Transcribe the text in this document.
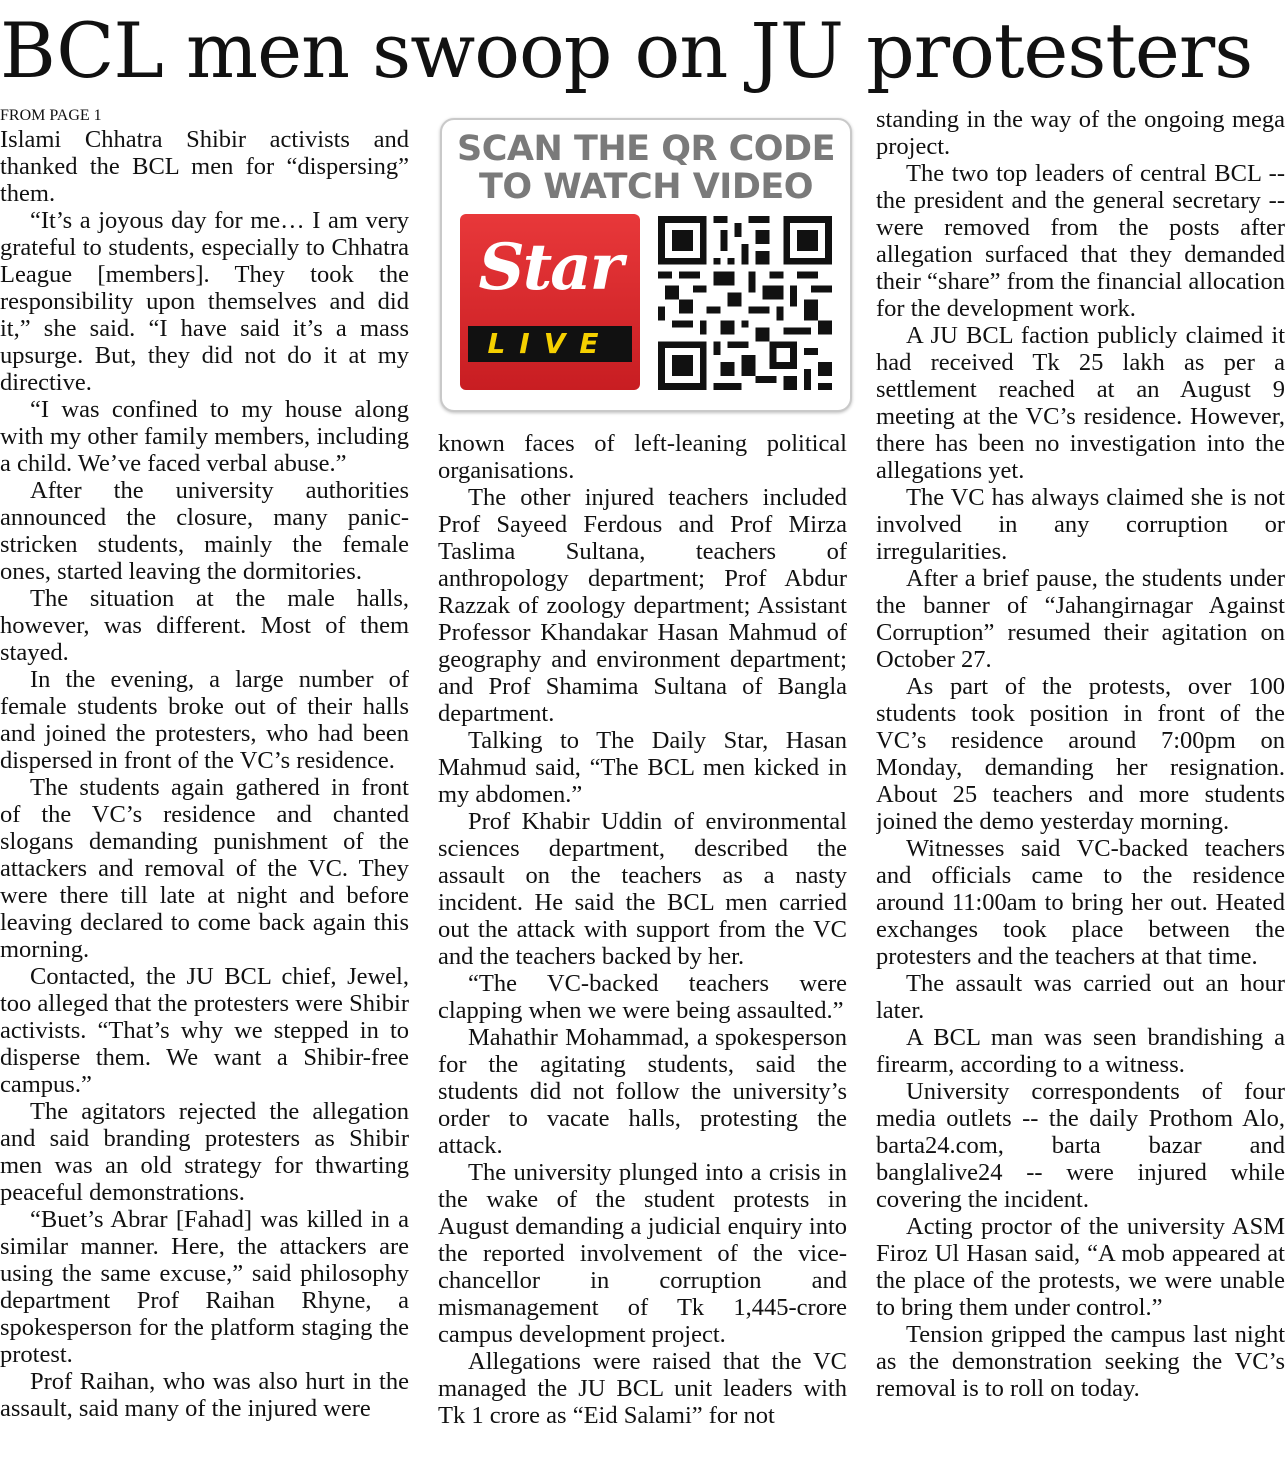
BCL men swoop on JU protesters
FROM PAGE 1

Islami Chhatra Shibir activists and thanked the BCL men for “dispersing” them.

“It’s a joyous day for me… I am very grateful to students, especially to Chhatra League [members]. They took the responsibility upon themselves and did it,” she said. “I have said it’s a mass upsurge. But, they did not do it at my directive.

“I was confined to my house along with my other family members, including a child. We’ve faced verbal abuse.”

After the university authorities announced the closure, many panic-stricken students, mainly the female ones, started leaving the dormitories.

The situation at the male halls, however, was different. Most of them stayed.

In the evening, a large number of female students broke out of their halls and joined the protesters, who had been dispersed in front of the VC’s residence.

The students again gathered in front of the VC’s residence and chanted slogans demanding punishment of the attackers and removal of the VC. They were there till late at night and before leaving declared to come back again this morning.

Contacted, the JU BCL chief, Jewel, too alleged that the protesters were Shibir activists. “That’s why we stepped in to disperse them. We want a Shibir-free campus.”

The agitators rejected the allegation and said branding protesters as Shibir men was an old strategy for thwarting peaceful demonstrations.

“Buet’s Abrar [Fahad] was killed in a similar manner. Here, the attackers are using the same excuse,” said philosophy department Prof Raihan Rhyne, a spokesperson for the platform staging the protest.

Prof Raihan, who was also hurt in the assault, said many of the injured were

SCAN THE QR CODE
TO WATCH VIDEO
Star
LIVE

known faces of left-leaning political organisations.

The other injured teachers included Prof Sayeed Ferdous and Prof Mirza Taslima Sultana, teachers of anthropology department; Prof Abdur Razzak of zoology department; Assistant Professor Khandakar Hasan Mahmud of geography and environment department; and Prof Shamima Sultana of Bangla department.

Talking to The Daily Star, Hasan Mahmud said, “The BCL men kicked in my abdomen.”

Prof Khabir Uddin of environmental sciences department, described the assault on the teachers as a nasty incident. He said the BCL men carried out the attack with support from the VC and the teachers backed by her.

“The VC-backed teachers were clapping when we were being assaulted.”

Mahathir Mohammad, a spokesperson for the agitating students, said the students did not follow the university’s order to vacate halls, protesting the attack.

The university plunged into a crisis in the wake of the student protests in August demanding a judicial enquiry into the reported involvement of the vice-chancellor in corruption and mismanagement of Tk 1,445-crore campus development project.

Allegations were raised that the VC managed the JU BCL unit leaders with Tk 1 crore as “Eid Salami” for not

standing in the way of the ongoing mega project.

The two top leaders of central BCL -- the president and the general secretary -- were removed from the posts after allegation surfaced that they demanded their “share” from the financial allocation for the development work.

A JU BCL faction publicly claimed it had received Tk 25 lakh as per a settlement reached at an August 9 meeting at the VC’s residence. However, there has been no investigation into the allegations yet.

The VC has always claimed she is not involved in any corruption or irregularities.

After a brief pause, the students under the banner of “Jahangirnagar Against Corruption” resumed their agitation on October 27.

As part of the protests, over 100 students took position in front of the VC’s residence around 7:00pm on Monday, demanding her resignation. About 25 teachers and more students joined the demo yesterday morning.

Witnesses said VC-backed teachers and officials came to the residence around 11:00am to bring her out. Heated exchanges took place between the protesters and the teachers at that time.

The assault was carried out an hour later.

A BCL man was seen brandishing a firearm, according to a witness.

University correspondents of four media outlets -- the daily Prothom Alo, barta24.com, barta bazar and banglalive24 -- were injured while covering the incident.

Acting proctor of the university ASM Firoz Ul Hasan said, “A mob appeared at the place of the protests, we were unable to bring them under control.”

Tension gripped the campus last night as the demonstration seeking the VC’s removal is to roll on today.
